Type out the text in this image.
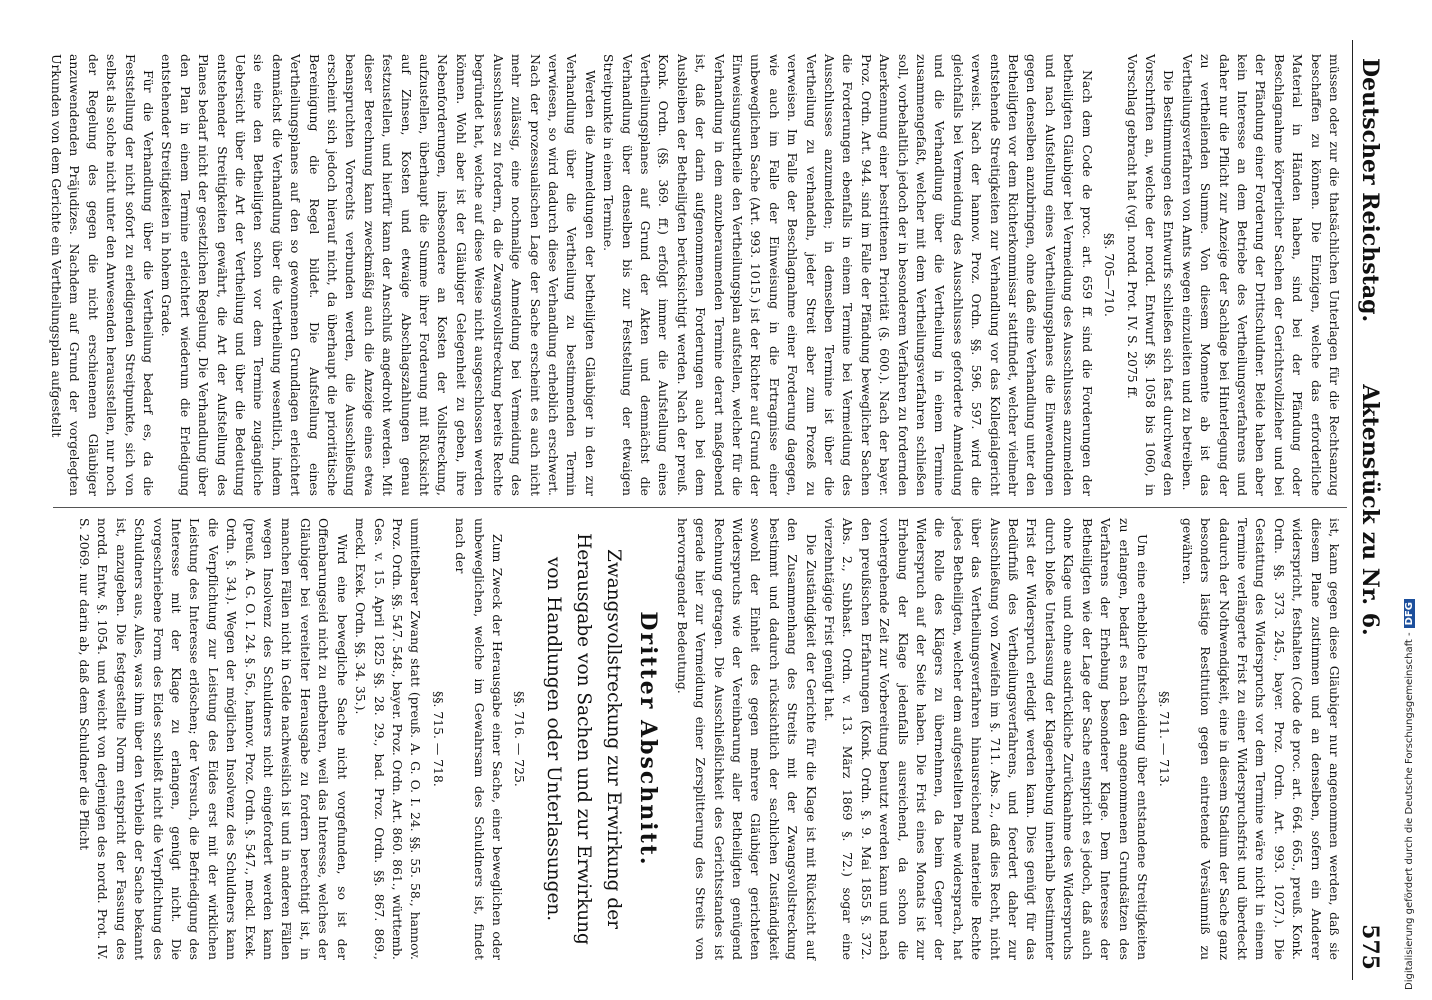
Deutscher Reichstag.
Aktenstück zu Nr. 6.
575

müssen oder zur die thatsächlichen Unterlagen für die Rechtsanzug beschaffen zu können. Die Einzigen, welche das erforderliche Material in Händen haben, sind bei der Pfändung oder Beschlagnahme körperlicher Sachen der Gerichtsvollzieher und bei der Pfändung einer Forderung der Drittschuldner. Beide haben aber kein Interesse an dem Betriebe des Vertheilungsverfahrens und daher nur die Pflicht zur Anzeige der Sachlage bei Hinterlegung der zu vertheilenden Summe. Von diesem Momente ab ist das Vertheilungsverfahren von Amts wegen einzuleiten und zu betreiben.

Die Bestimmungen des Entwurfs schließen sich fast durchweg den Vorschriften an, welche der nordd. Entwurf §§. 1058 bis 1060, in Vorschlag gebracht hat (vgl. nordd. Prot. IV. S. 2075 ff.

§§. 705—710.

Nach dem Code de proc. art. 659 ff. sind die Forderungen der betheiligten Gläubiger bei Vermeidung des Ausschlusses anzumelden und nach Aufstellung eines Vertheilungsplanes die Einwendungen gegen denselben anzubringen, ohne daß eine Verhandlung unter den Betheiligten vor dem Richterkommissar stattfindet, welcher vielmehr entstehende Streitigkeiten zur Verhandlung vor das Kollegialgericht verweist. Nach der hannov. Proz. Ordn. §§. 596. 597. wird die gleichfalls bei Vermeidung des Ausschlusses geforderte Anmeldung und die Verhandlung über die Vertheilung in einem Termine zusammengefaßt, welcher mit dem Vertheilungsverfahren schließen soll, vorbehaltlich jedoch der in besonderem Verfahren zu fordernden Anerkennung einer bestrittenen Priorität (§. 600.). Nach der bayer. Proz. Ordn. Art. 944. sind im Falle der Pfändung beweglicher Sachen die Forderungen ebenfalls in einem Termine bei Vermeidung des Ausschlusses anzumelden; in demselben Termine ist über die Vertheilung zu verhandeln, jeder Streit aber zum Prozeß zu verweisen. Im Falle der Beschlagnahme einer Forderung dagegen, wie auch im Falle der Einweisung in die Ertragnisse einer unbeweglichen Sache (Art. 993. 1015.) ist der Richter auf Grund der Einweisungsurtheile den Vertheilungsplan aufstellen, welcher für die Verhandlung in dem anzuberaumenden Termine derart maßgebend ist, daß der darin aufgenommenen Forderungen auch bei dem Ausbleiben der Betheiligten berücksichtigt werden. Nach der preuß. Konk. Ordn. (§§. 369. ff.) erfolgt immer die Aufstellung eines Vertheilungsplanes auf Grund der Akten und demnächst die Verhandlung über denselben bis zur Feststellung der etwaigen Streitpunkte in einem Termine.

Werden die Anmeldungen der betheiligten Gläubiger in den zur Verhandlung über die Vertheilung zu bestimmenden Termin verwiesen, so wird dadurch diese Verhandlung erheblich erschwert. Nach der prozessualischen Lage der Sache erscheint es auch nicht mehr zulässig, eine nochmalige Anmeldung bei Vermeidung des Ausschlusses zu fordern, da die Zwangsvollstreckung bereits Rechte begründet hat, welche auf diese Weise nicht ausgeschlossen werden können. Wohl aber ist der Gläubiger Gelegenheit zu geben, ihre Nebenforderungen, insbesondere an Kosten der Vollstreckung, aufzustellen, überhaupt die Summe ihrer Forderung mit Rücksicht auf Zinsen, Kosten und etwaige Abschlagszahlungen genau festzustellen, und hierfür kann der Anschluß angedroht werden. Mit dieser Berechnung kann zweckmäßig auch die Anzeige eines etwa beanspruchten Vorrechts verbunden werden, die Ausschließung erscheint sich jedoch hierauf nicht, da überhaupt die prioritätische Bereinigung die Regel bildet. Die Aufstellung eines Vertheilungsplanes auf den so gewonnenen Grundlagen erleichtert demnächst die Verhandlung über die Vertheilung wesentlich, indem sie eine den Betheiligten schon vor dem Termine zugängliche Uebersicht über die Art der Vertheilung und über die Bedeutung entstehender Streitigkeiten gewährt, die Art der Aufstellung des Planes bedarf nicht der gesetzlichen Regelung. Die Verhandlung über den Plan in einem Termine erleichtert wiederum die Erledigung entstehender Streitigkeiten in hohem Grade.

Für die Verhandlung über die Vertheilung bedarf es, da die Feststellung der nicht sofort zu erledigenden Streitpunkte, sich von selbst als solche nicht unter den Anwesenden herausstellen, nur noch der Regelung des gegen die nicht erschienenen Gläubiger anzuwendenden Präjudizes. Nachdem auf Grund der vorgelegten Urkunden von dem Gerichte ein Vertheilungsplan aufgestellt

ist, kann gegen diese Gläubiger nur angenommen werden, daß sie diesem Plane zustimmen und an denselben, sofern ein Anderer widerspricht, festhalten (Code de proc. art. 664. 665., preuß. Konk. Ordn. §§. 373. 245., bayer. Proz. Ordn. Art. 993. 1027.). Die Gestattung des Widerspruchs vor dem Termine wäre nicht in einem Termine verlängerte Frist zu einer Widerspruchsfrist und überdeckt dadurch der Nothwendigkeit, eine in diesem Stadium der Sache ganz besonders lästige Restitution gegen eintretende Versäumniß zu gewähren.

§§. 711. — 713.

Um eine erhebliche Entscheidung über entstandene Streitigkeiten zu erlangen, bedarf es nach den angenommenen Grundsätzen des Verfahrens der Erhebung besonderer Klage. Dem Interesse der Betheiligten wie der Lage der Sache entspricht es jedoch, daß auch ohne Klage und ohne ausdrückliche Zurücknahme des Widerspruchs durch bloße Unterlassung der Klageerhebung innerhalb bestimmter Frist der Widerspruch erledigt werden kann. Dies genügt für das Bedürfniß des Vertheilungsverfahrens, und foerdert daher zur Ausschließung von Zweifeln im §. 711. Abs. 2., daß dies Recht, nicht über das Vertheilungsverfahren hinausreichend materielle Rechte jedes Betheiligten, welcher dem aufgestellten Plane widersprach, hat die Rolle des Klägers zu übernehmen, da beim Gegner der Widerspruch auf der Seite haben. Die Frist eines Monats ist zur Erhebung der Klage jedenfalls ausreichend, da schon die vorhergehende Zeit zur Vorbereitung benutzt werden kann und nach den preußischen Erfahrungen (Konk. Ordn. §. 9. Mai 1855 §. 372. Abs. 2., Subhast. Ordn. v. 13. März 1869 §. 72.) sogar eine vierzehntägige Frist genügt hat.

Die Zuständigkeit der Gerichte für die Klage ist mit Rücksicht auf den Zusammenhang des Streits mit der Zwangsvollstreckung bestimmt und dadurch rücksichtlich der sachlichen Zuständigkeit sowohl der Einheit des gegen mehrere Gläubiger gerichteten Widerspruchs wie der Vereinbarung aller Betheiligten genügend Rechnung getragen. Die Ausschließlichkeit des Gerichtsstandes ist gerade hier zur Vermeidung einer Zersplitterung des Streits von hervorragender Bedeutung.

Dritter Abschnitt.
Zwangsvollstreckung zur Erwirkung der Herausgabe von Sachen und zur Erwirkung von Handlungen oder Unterlassungen.
§§. 716. — 725.

Zum Zweck der Herausgabe einer Sache, einer beweglichen oder unbeweglichen, welche im Gewahrsam des Schuldners ist, findet nach der

§§. 715. — 718.

unmittelbarer Zwang statt (preuß. A. G. O. I. 24. §§. 55. 58., hannov. Proz. Ordn. §§. 547. 548., bayer. Proz. Ordn. Art. 860. 861., württemb. Ges. v. 15. April 1825 §§. 28. 29., bad. Proz. Ordn. §§. 867. 869., meckl. Exek. Ordn. §§. 34. 35.).

Wird eine bewegliche Sache nicht vorgefunden, so ist der Offenbarungseid nicht zu entbehren, weil das Interesse, welches der Gläubiger bei vereitelter Herausgabe zu fordern berechtigt ist, in manchen Fällen nicht in Gelde nachweislich ist und in anderen Fällen wegen Insolvenz des Schuldners nicht eingefordert werden kann (preuß. A. G. O. I. 24. §. 56., hannov. Proz. Ordn. §. 547., meckl. Exek. Ordn. §. 34.). Wegen der möglichen Insolvenz des Schuldners kann die Verpflichtung zur Leistung des Eides erst mit der wirklichen Leistung des Interesse erlöschen; der Versuch, die Befriedigung des Interesse mit der Klage zu erlangen, genügt nicht. Die vorgeschriebene Form des Eides schließt nicht die Verpflichtung des Schuldners aus, Alles, was ihm über den Verbleib der Sache bekannt ist, anzugeben. Die festgestellte Norm entspricht der Fassung des nordd. Entw. §. 1054. und weicht von derjenigen des nordd. Prot. IV. S. 2069. nur darin ab, daß dem Schuldner die Pflicht	Digitalisierung gefördert durch die Deutsche Forschungsgemeinschaft -DFG
